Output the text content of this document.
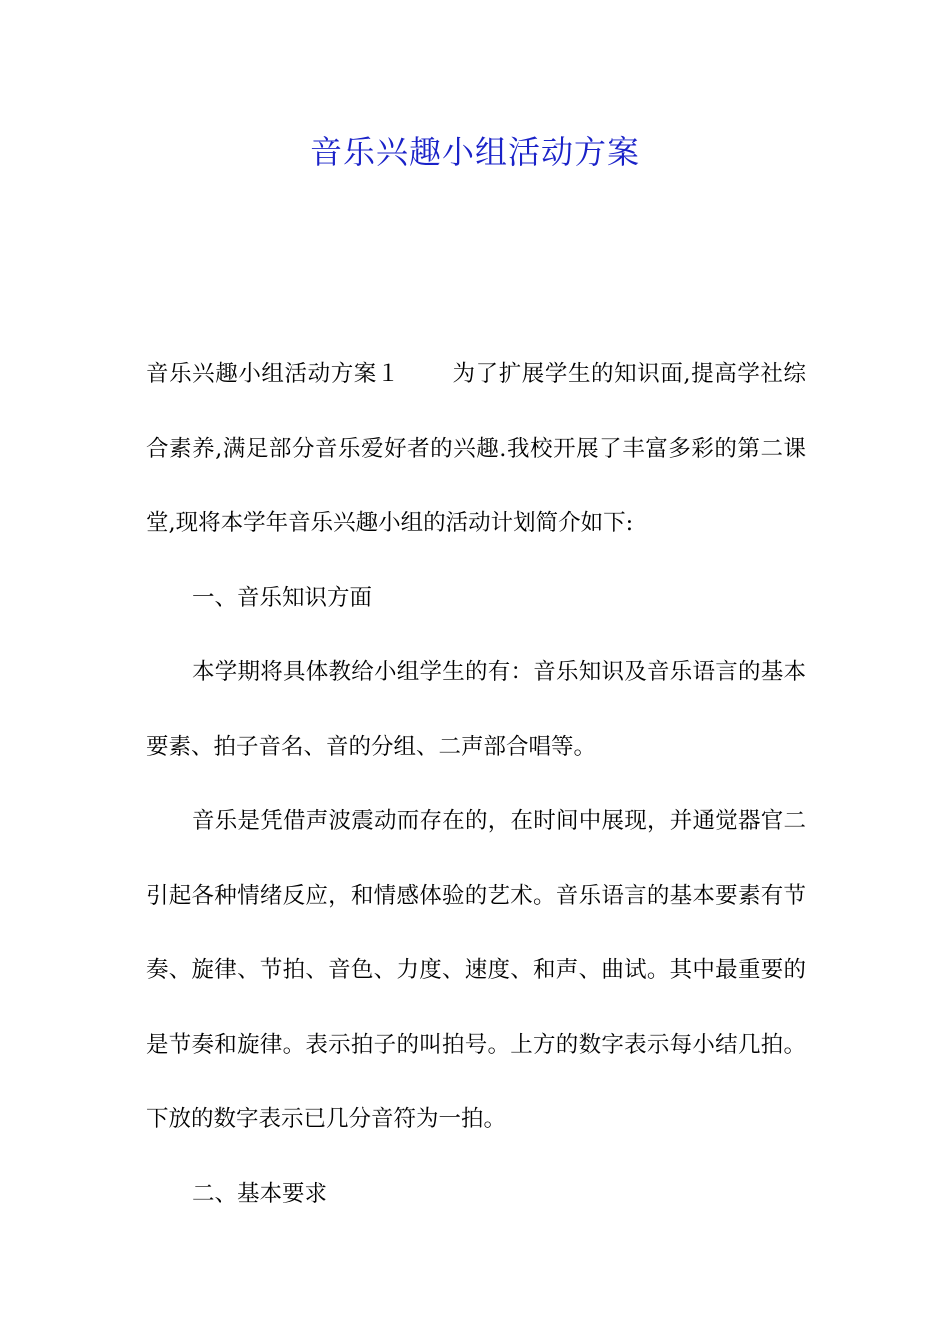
音乐兴趣小组活动方案

音乐兴趣小组活动方案１ 为了扩展学生的知识面,提高学社综合素养,满足部分音乐爱好者的兴趣.我校开展了丰富多彩的第二课堂,现将本学年音乐兴趣小组的活动计划简介如下:

一、音乐知识方面

本学期将具体教给小组学生的有：音乐知识及音乐语言的基本要素、拍子音名、音的分组、二声部合唱等。

音乐是凭借声波震动而存在的，在时间中展现，并通觉器官二引起各种情绪反应，和情感体验的艺术。音乐语言的基本要素有节奏、旋律、节拍、音色、力度、速度、和声、曲试。其中最重要的是节奏和旋律。表示拍子的叫拍号。上方的数字表示每小结几拍。下放的数字表示已几分音符为一拍。

二、基本要求
